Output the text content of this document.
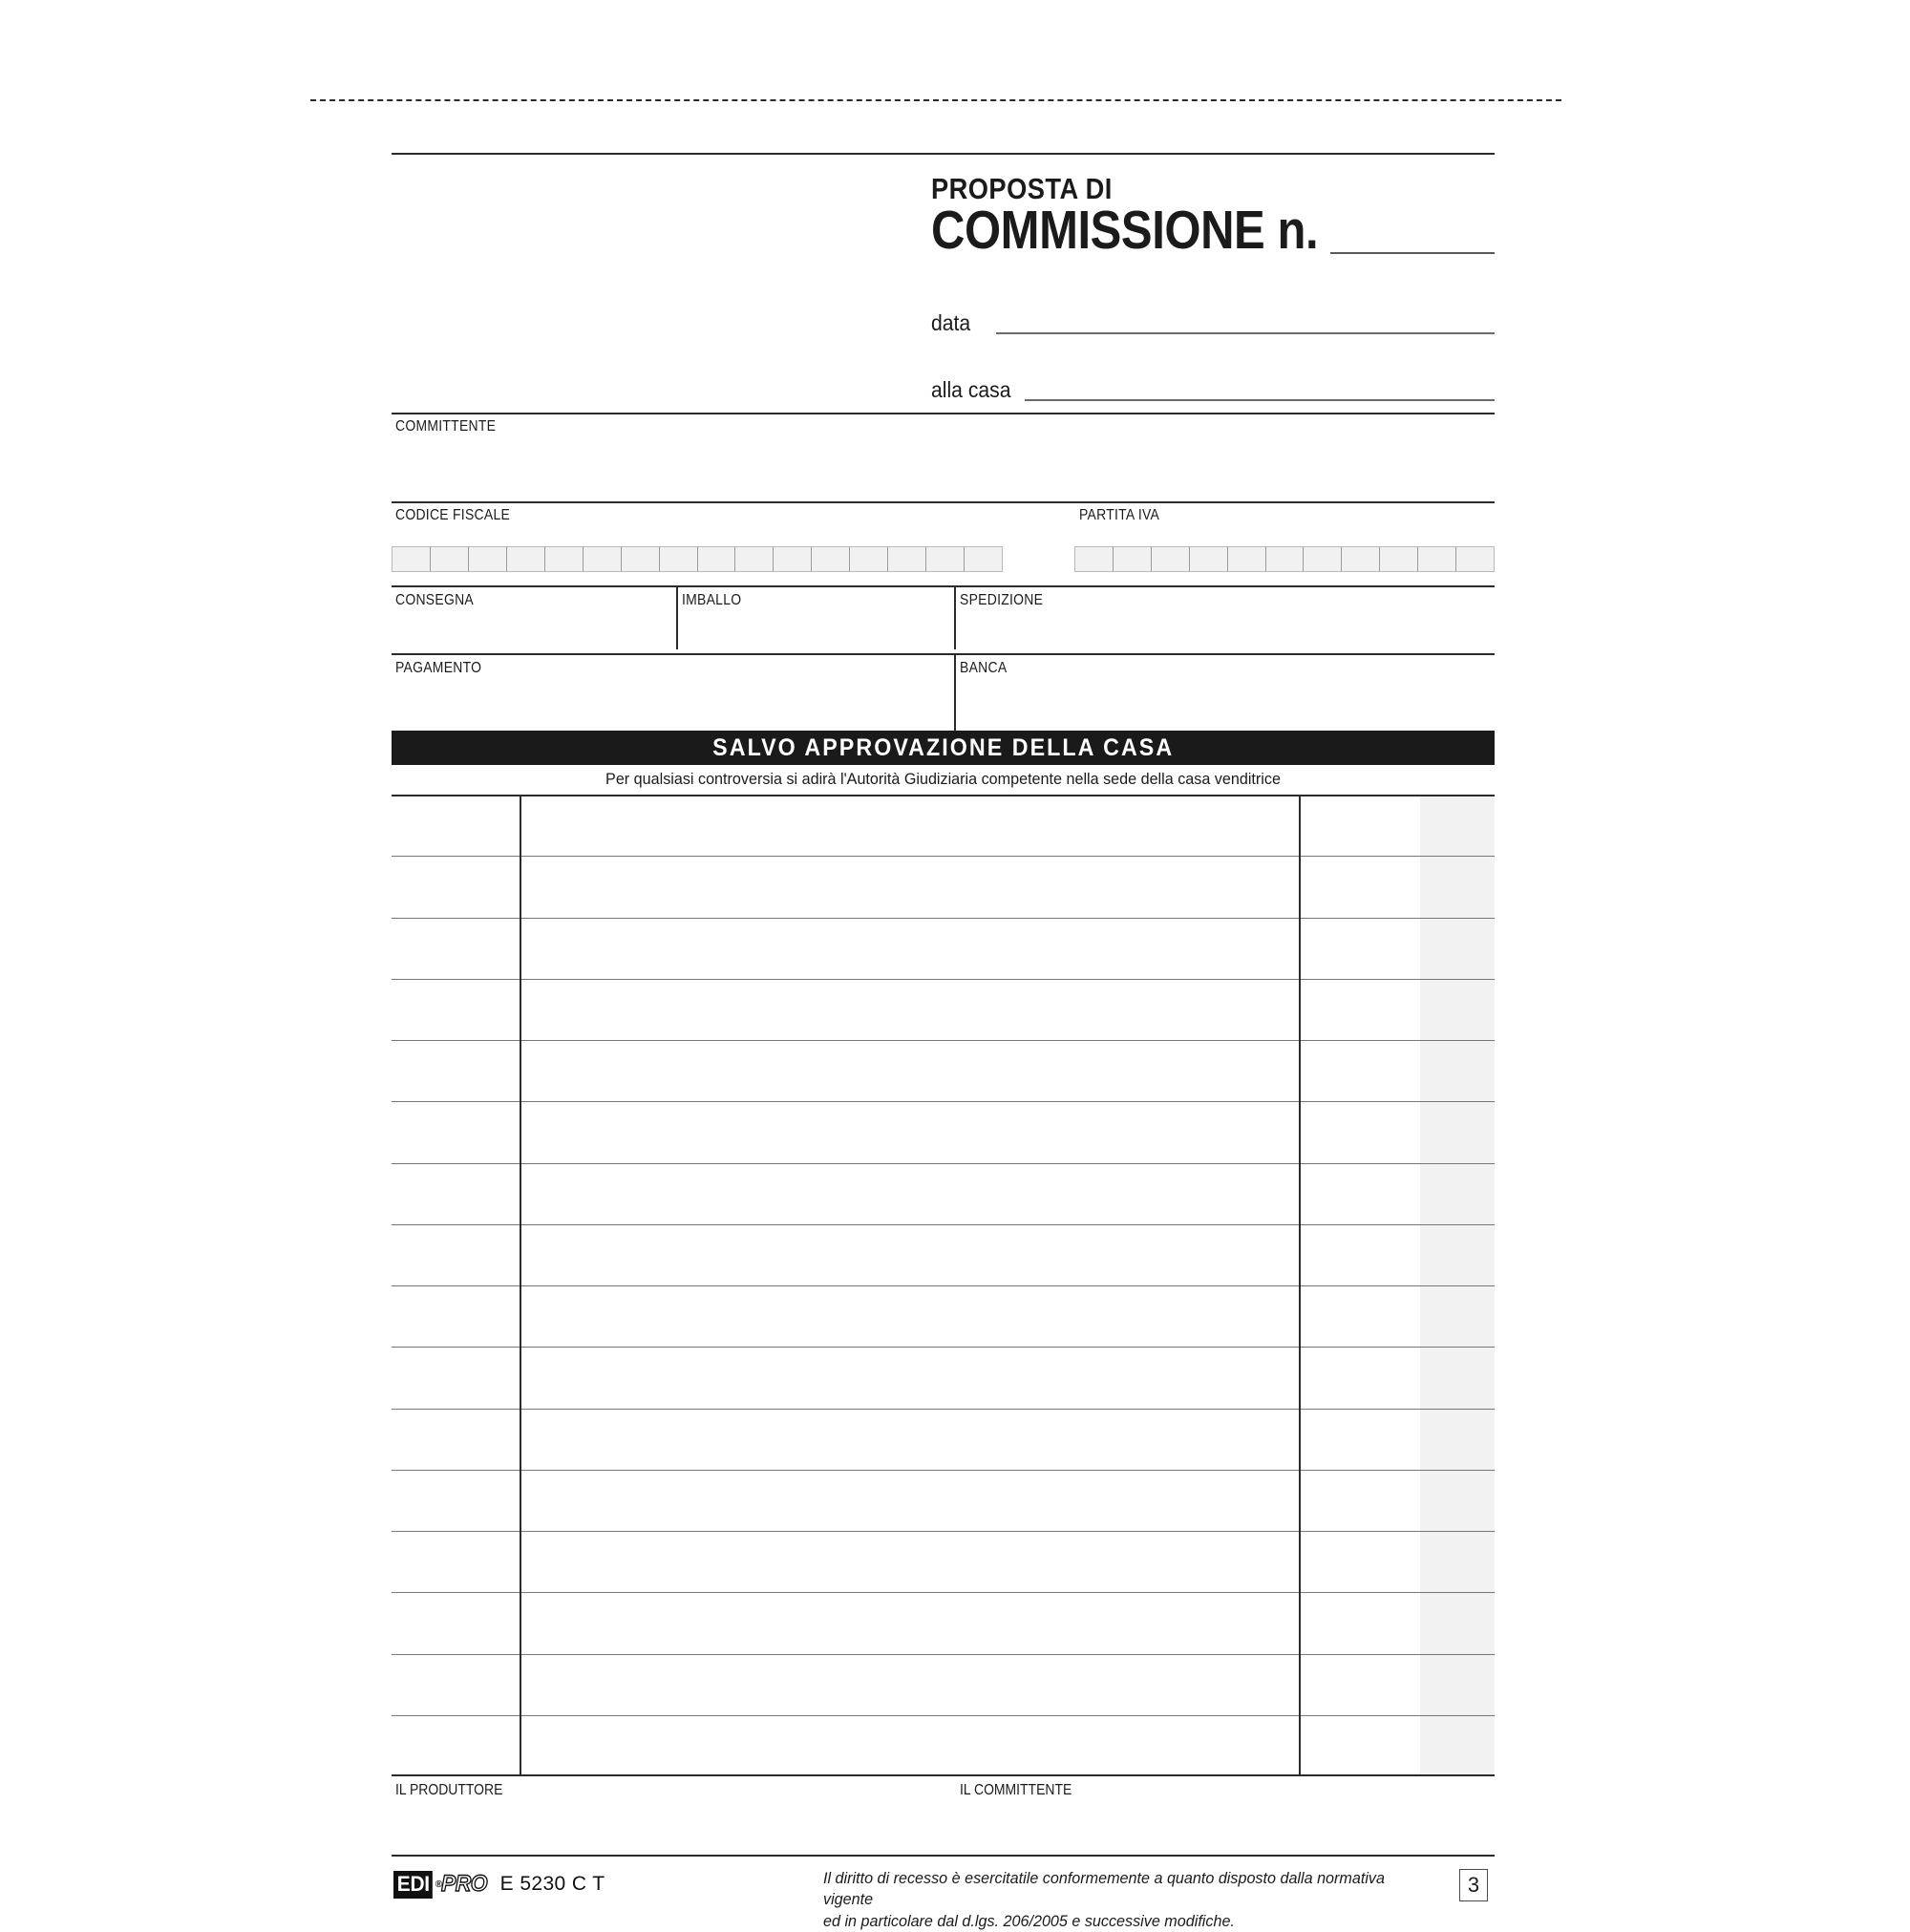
PROPOSTA DI
COMMISSIONE n.
data
alla casa
COMMITTENTE
CODICE FISCALE	PARTITA IVA
CONSEGNA	IMBALLO	SPEDIZIONE
PAGAMENTO	BANCA
SALVO APPROVAZIONE DELLA CASA
Per qualsiasi controversia si adirà l'Autorità Giudiziaria competente nella sede della casa venditrice
IL PRODUTTORE	IL COMMITTENTE
EDI ® PRO E 5230 C T	Il diritto di recesso è esercitatile conformemente a quanto disposto dalla normativa vigente
ed in particolare dal d.lgs. 206/2005 e successive modifiche.
3
